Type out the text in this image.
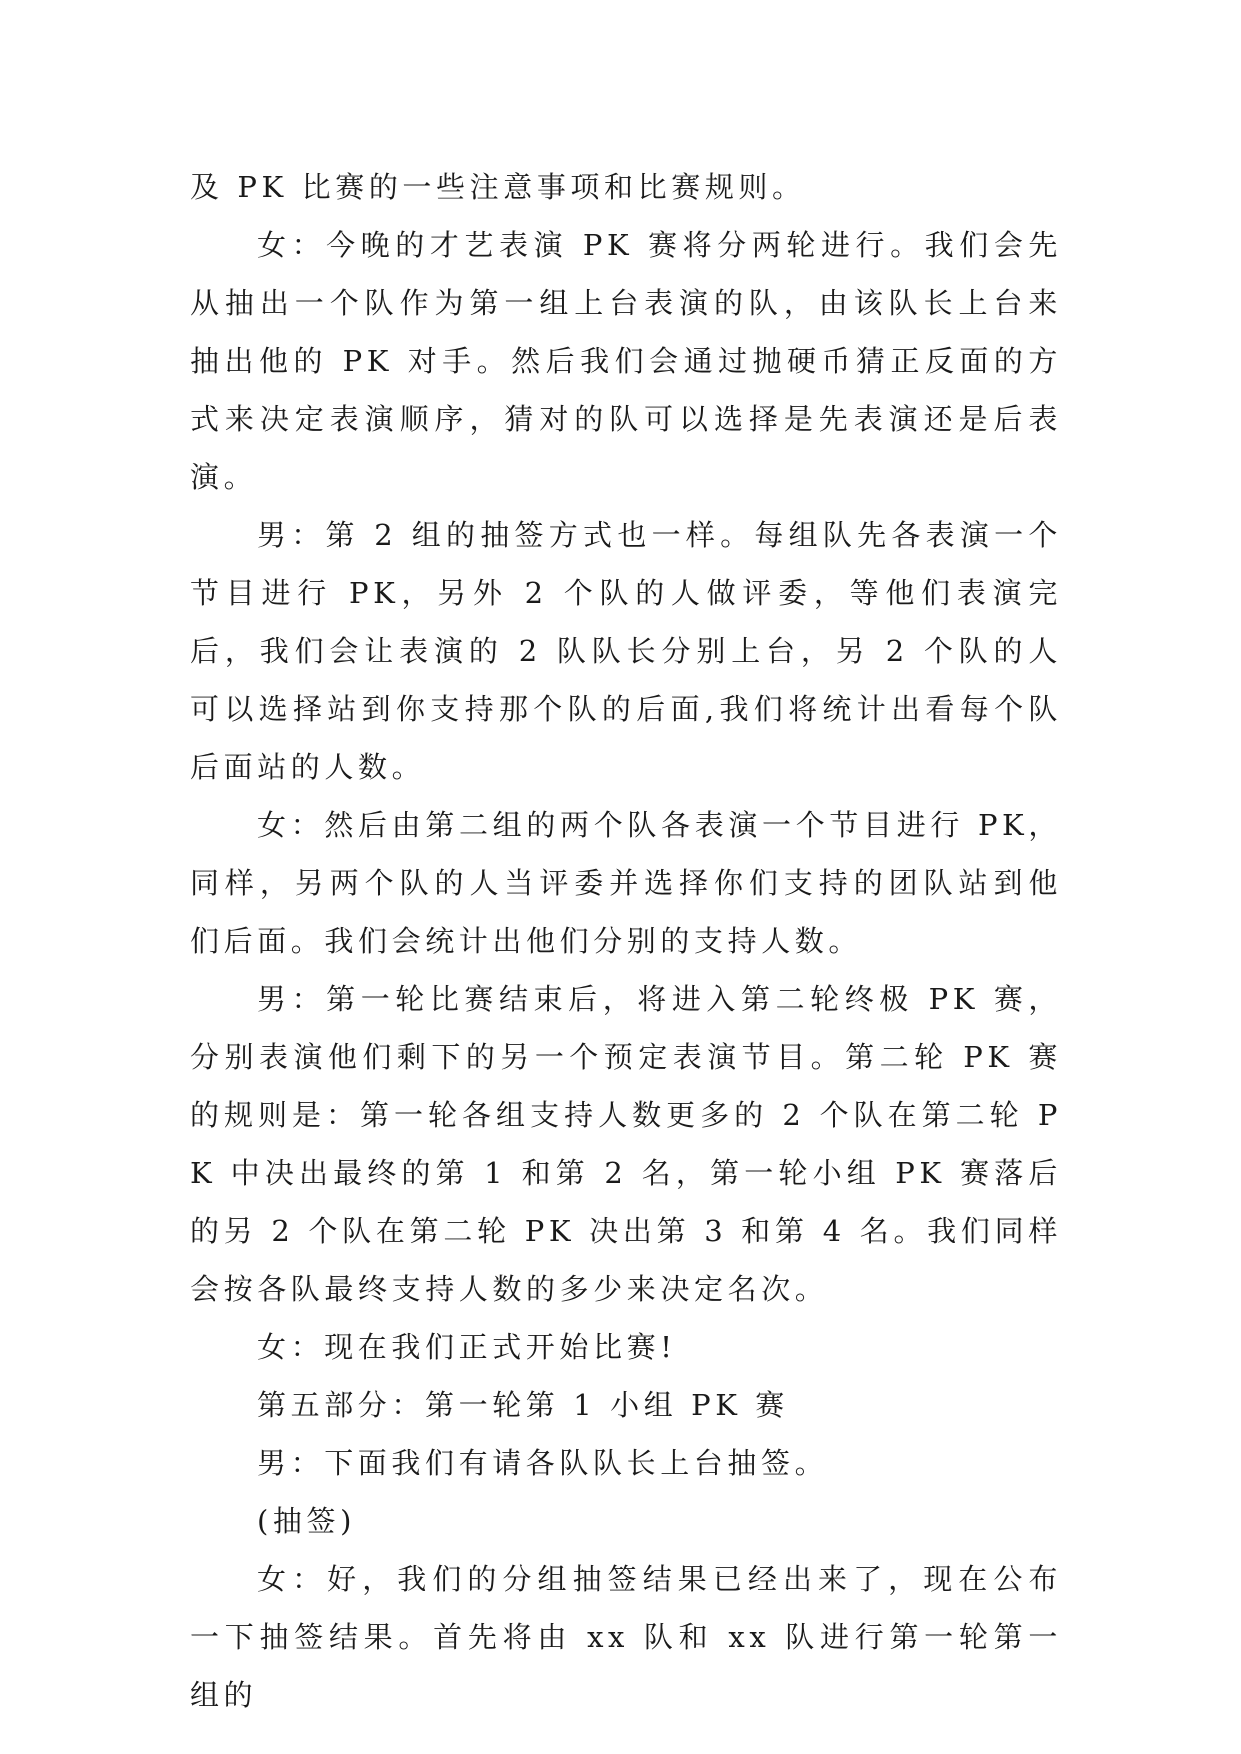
及 PK 比赛的一些注意事项和比赛规则。

女：今晚的才艺表演 PK 赛将分两轮进行。我们会先从抽出一个队作为第一组上台表演的队，由该队长上台来抽出他的 PK 对手。然后我们会通过抛硬币猜正反面的方式来决定表演顺序，猜对的队可以选择是先表演还是后表演。

男：第 2 组的抽签方式也一样。每组队先各表演一个节目进行 PK，另外 2 个队的人做评委，等他们表演完后，我们会让表演的 2 队队长分别上台，另 2 个队的人可以选择站到你支持那个队的后面,我们将统计出看每个队后面站的人数。

女：然后由第二组的两个队各表演一个节目进行 PK，同样，另两个队的人当评委并选择你们支持的团队站到他们后面。我们会统计出他们分别的支持人数。

男：第一轮比赛结束后，将进入第二轮终极 PK 赛，分别表演他们剩下的另一个预定表演节目。第二轮 PK 赛的规则是：第一轮各组支持人数更多的 2 个队在第二轮 PK 中决出最终的第 1 和第 2 名，第一轮小组 PK 赛落后的另 2 个队在第二轮 PK 决出第 3 和第 4 名。我们同样会按各队最终支持人数的多少来决定名次。

女：现在我们正式开始比赛!

第五部分：第一轮第 1 小组 PK 赛

男：下面我们有请各队队长上台抽签。

(抽签)

女：好，我们的分组抽签结果已经出来了，现在公布一下抽签结果。首先将由 xx 队和 xx 队进行第一轮第一组的
